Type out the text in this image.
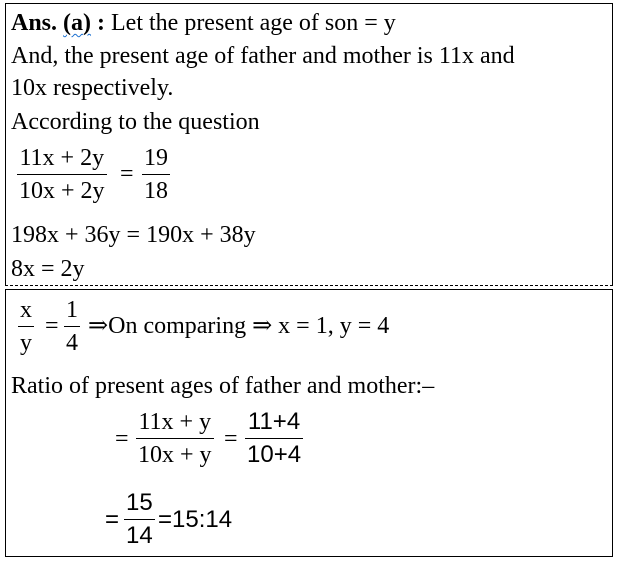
Ans. (a) : Let the present age of son = y
And, the present age of father and mother is 11x and
10x respectively.
According to the question
11x + 2y
10x + 2y
=
19
18
198x + 36y = 190x + 38y
8x = 2y
x
y
=
1
4
⇒On comparing ⇒ x = 1, y = 4
Ratio of present ages of father and mother:–
=
11x + y
10x + y
=
11+4
10+4
=
15
14
=15:14
